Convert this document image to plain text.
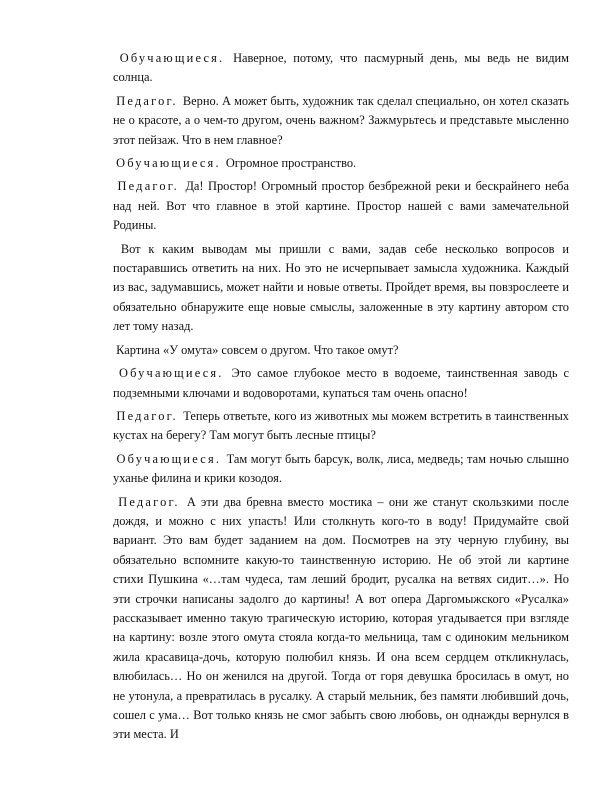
Обучающиеся. Наверное, потому, что пасмурный день, мы ведь не видим солнца.

Педагог. Верно. А может быть, художник так сделал специально, он хотел сказать не о красоте, а о чем-то другом, очень важном? Зажмурьтесь и представьте мысленно этот пейзаж. Что в нем главное?

Обучающиеся. Огромное пространство.

Педагог. Да! Простор! Огромный простор безбрежной реки и бескрайнего неба над ней. Вот что главное в этой картине. Простор нашей с вами замечательной Родины.

Вот к каким выводам мы пришли с вами, задав себе несколько вопросов и постаравшись ответить на них. Но это не исчерпывает замысла художника. Каждый из вас, задумавшись, может найти и новые ответы. Пройдет время, вы повзрослеете и обязательно обнаружите еще новые смыслы, заложенные в эту картину автором сто лет тому назад.

Картина «У омута» совсем о другом. Что такое омут?

Обучающиеся. Это самое глубокое место в водоеме, таинственная заводь с подземными ключами и водоворотами, купаться там очень опасно!

Педагог. Теперь ответьте, кого из животных мы можем встретить в таинственных кустах на берегу? Там могут быть лесные птицы?

Обучающиеся. Там могут быть барсук, волк, лиса, медведь; там ночью слышно уханье филина и крики козодоя.

Педагог. А эти два бревна вместо мостика – они же станут скользкими после дождя, и можно с них упасть! Или столкнуть кого-то в воду! Придумайте свой вариант. Это вам будет заданием на дом. Посмотрев на эту черную глубину, вы обязательно вспомните какую-то таинственную историю. Не об этой ли картине стихи Пушкина «…там чудеса, там леший бродит, русалка на ветвях сидит…». Но эти строчки написаны задолго до картины! А вот опера Даргомыжского «Русалка» рассказывает именно такую трагическую историю, которая угадывается при взгляде на картину: возле этого омута стояла когда-то мельница, там с одиноким мельником жила красавица-дочь, которую полюбил князь. И она всем сердцем откликнулась, влюбилась… Но он женился на другой. Тогда от горя девушка бросилась в омут, но не утонула, а превратилась в русалку. А старый мельник, без памяти любивший дочь, сошел с ума… Вот только князь не смог забыть свою любовь, он однажды вернулся в эти места. И
